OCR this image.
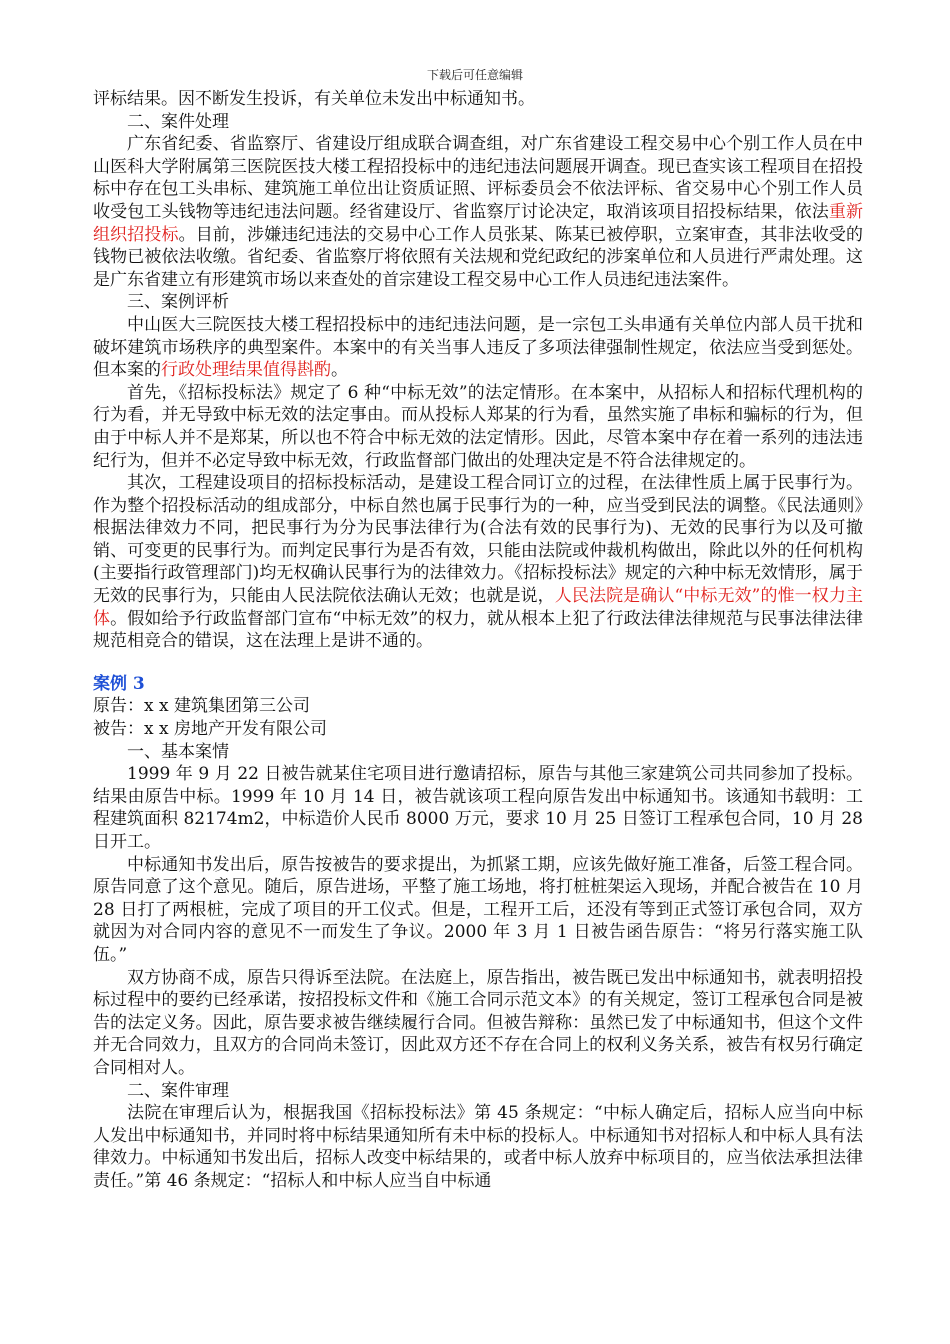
下载后可任意编辑

评标结果。因不断发生投诉，有关单位未发出中标通知书。

二、案件处理

广东省纪委、省监察厅、省建设厅组成联合调查组，对广东省建设工程交易中心个别工作人员在中山医科大学附属第三医院医技大楼工程招投标中的违纪违法问题展开调查。现已查实该工程项目在招投标中存在包工头串标、建筑施工单位出让资质证照、评标委员会不依法评标、省交易中心个别工作人员收受包工头钱物等违纪违法问题。经省建设厅、省监察厅讨论决定，取消该项目招投标结果，依法重新组织招投标。目前，涉嫌违纪违法的交易中心工作人员张某、陈某已被停职，立案审查，其非法收受的钱物已被依法收缴。省纪委、省监察厅将依照有关法规和党纪政纪的涉案单位和人员进行严肃处理。这是广东省建立有形建筑市场以来查处的首宗建设工程交易中心工作人员违纪违法案件。

三、案例评析

中山医大三院医技大楼工程招投标中的违纪违法问题，是一宗包工头串通有关单位内部人员干扰和破坏建筑市场秩序的典型案件。本案中的有关当事人违反了多项法律强制性规定，依法应当受到惩处。但本案的行政处理结果值得斟酌。

首先，《招标投标法》规定了 6 种“中标无效”的法定情形。在本案中，从招标人和招标代理机构的行为看，并无导致中标无效的法定事由。而从投标人郑某的行为看，虽然实施了串标和骗标的行为，但由于中标人并不是郑某，所以也不符合中标无效的法定情形。因此，尽管本案中存在着一系列的违法违纪行为，但并不必定导致中标无效，行政监督部门做出的处理决定是不符合法律规定的。

其次，工程建设项目的招标投标活动，是建设工程合同订立的过程，在法律性质上属于民事行为。作为整个招投标活动的组成部分，中标自然也属于民事行为的一种，应当受到民法的调整。《民法通则》根据法律效力不同，把民事行为分为民事法律行为(合法有效的民事行为)、无效的民事行为以及可撤销、可变更的民事行为。而判定民事行为是否有效，只能由法院或仲裁机构做出，除此以外的任何机构(主要指行政管理部门)均无权确认民事行为的法律效力。《招标投标法》规定的六种中标无效情形，属于无效的民事行为，只能由人民法院依法确认无效；也就是说，人民法院是确认“中标无效”的惟一权力主体。假如给予行政监督部门宣布“中标无效”的权力，就从根本上犯了行政法律法律规范与民事法律法律规范相竞合的错误，这在法理上是讲不通的。

案例 3

原告：x x 建筑集团第三公司

被告：x x 房地产开发有限公司

一、基本案情

1999 年 9 月 22 日被告就某住宅项目进行邀请招标，原告与其他三家建筑公司共同参加了投标。结果由原告中标。1999 年 10 月 14 日，被告就该项工程向原告发出中标通知书。该通知书载明：工程建筑面积 82174m2，中标造价人民币 8000 万元，要求 10 月 25 日签订工程承包合同，10 月 28 日开工。

中标通知书发出后，原告按被告的要求提出，为抓紧工期，应该先做好施工准备，后签工程合同。原告同意了这个意见。随后，原告进场，平整了施工场地，将打桩桩架运入现场，并配合被告在 10 月 28 日打了两根桩，完成了项目的开工仪式。但是，工程开工后，还没有等到正式签订承包合同，双方就因为对合同内容的意见不一而发生了争议。2000 年 3 月 1 日被告函告原告：“将另行落实施工队伍。”

双方协商不成，原告只得诉至法院。在法庭上，原告指出，被告既已发出中标通知书，就表明招投标过程中的要约已经承诺，按招投标文件和《施工合同示范文本》的有关规定，签订工程承包合同是被告的法定义务。因此，原告要求被告继续履行合同。但被告辩称：虽然已发了中标通知书，但这个文件并无合同效力，且双方的合同尚未签订，因此双方还不存在合同上的权利义务关系，被告有权另行确定合同相对人。

二、案件审理

法院在审理后认为，根据我国《招标投标法》第 45 条规定：“中标人确定后，招标人应当向中标人发出中标通知书，并同时将中标结果通知所有未中标的投标人。中标通知书对招标人和中标人具有法律效力。中标通知书发出后，招标人改变中标结果的，或者中标人放弃中标项目的，应当依法承担法律责任。”第 46 条规定：“招标人和中标人应当自中标通
